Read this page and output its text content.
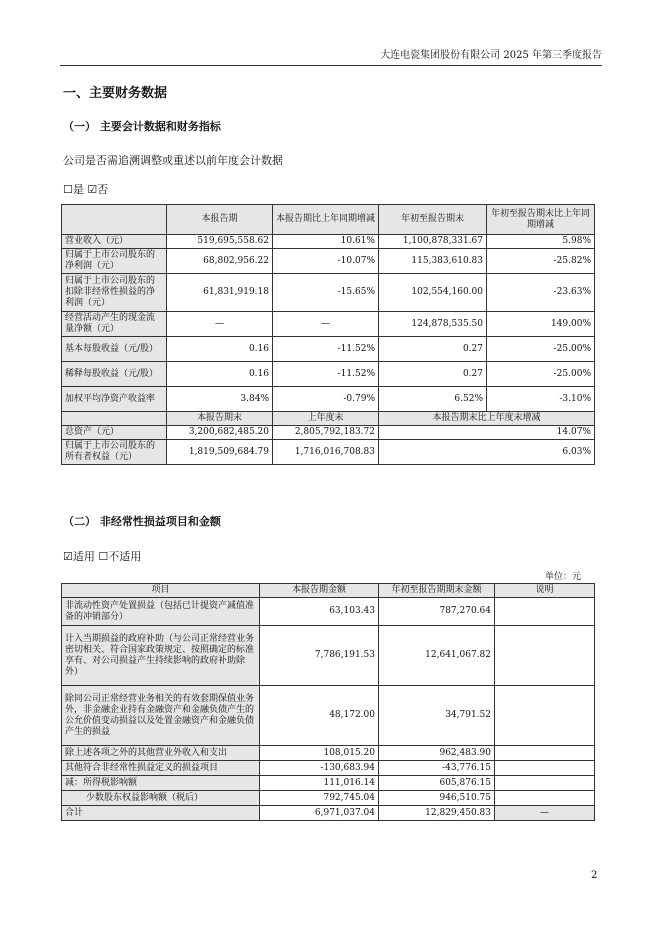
大连电瓷集团股份有限公司 2025 年第三季度报告
一、主要财务数据
（一） 主要会计数据和财务指标
公司是否需追溯调整或重述以前年度会计数据
☐是 ☑否
	本报告期	本报告期比上年同期增减	年初至报告期末	年初至报告期末比上年同期增减
营业收入（元）	519,695,558.62	10.61%	1,100,878,331.67	5.98%
归属于上市公司股东的净利润（元）	68,802,956.22	-10.07%	115,383,610.83	-25.82%
归属于上市公司股东的扣除非经常性损益的净利润（元）	61,831,919.18	-15.65%	102,554,160.00	-23.63%
经营活动产生的现金流量净额（元）	—	—	124,878,535.50	149.00%
基本每股收益（元/股）	0.16	-11.52%	0.27	-25.00%
稀释每股收益（元/股）	0.16	-11.52%	0.27	-25.00%
加权平均净资产收益率	3.84%	-0.79%	6.52%	-3.10%
	本报告期末	上年度末	本报告期末比上年度末增减	
总资产（元）	3,200,682,485.20	2,805,792,183.72	14.07%	
归属于上市公司股东的所有者权益（元）	1,819,509,684.79	1,716,016,708.83	6.03%	
（二） 非经常性损益项目和金额
☑适用 ☐不适用
单位：元
项目	本报告期金额	年初至报告期期末金额	说明
非流动性资产处置损益（包括已计提资产减值准备的冲销部分）	63,103.43	787,270.64	
计入当期损益的政府补助（与公司正常经营业务密切相关、符合国家政策规定、按照确定的标准享有、对公司损益产生持续影响的政府补助除外）	7,786,191.53	12,641,067.82	
除同公司正常经营业务相关的有效套期保值业务外，非金融企业持有金融资产和金融负债产生的公允价值变动损益以及处置金融资产和金融负债产生的损益	48,172.00	34,791.52	
除上述各项之外的其他营业外收入和支出	108,015.20	962,483.90	
其他符合非经常性损益定义的损益项目	-130,683.94	-43,776.15	
减：所得税影响额	111,016.14	605,876.15	
少数股东权益影响额（税后）	792,745.04	946,510.75	
合计	6,971,037.04	12,829,450.83	—
2
